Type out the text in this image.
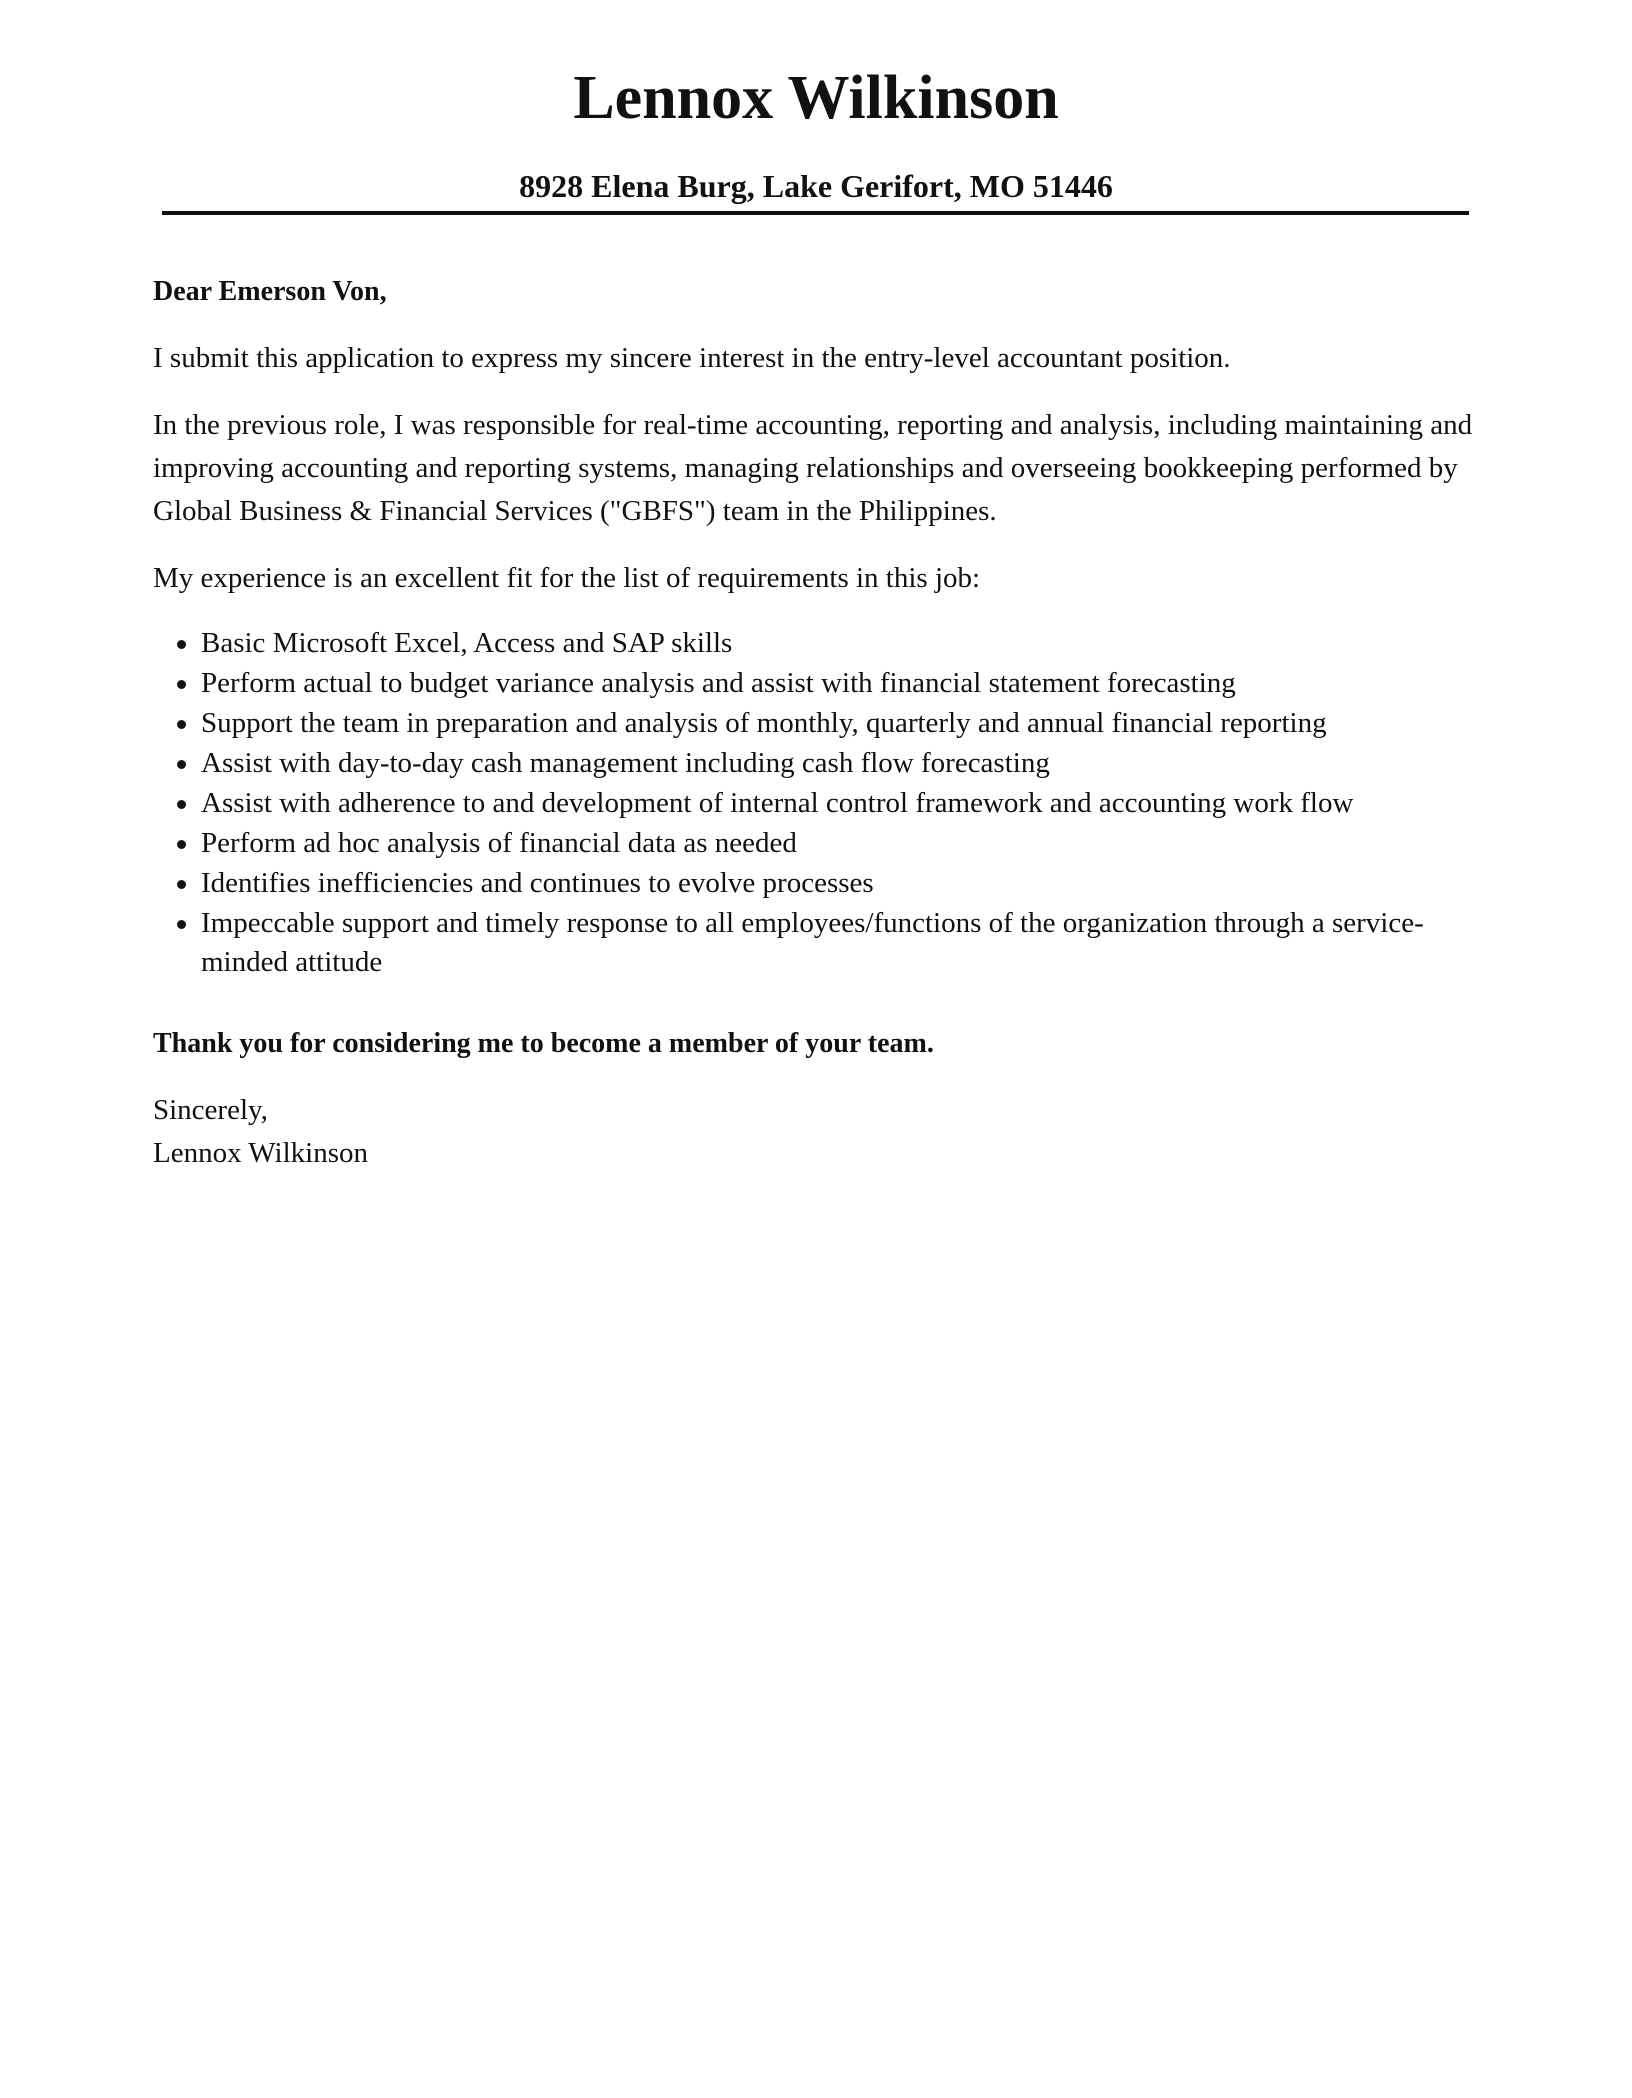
Lennox Wilkinson
8928 Elena Burg, Lake Gerifort, MO 51446

Dear Emerson Von,

I submit this application to express my sincere interest in the entry-level accountant position.

In the previous role, I was responsible for real-time accounting, reporting and analysis, including maintaining and improving accounting and reporting systems, managing relationships and overseeing bookkeeping performed by Global Business & Financial Services ("GBFS") team in the Philippines.

My experience is an excellent fit for the list of requirements in this job:

Basic Microsoft Excel, Access and SAP skills
Perform actual to budget variance analysis and assist with financial statement forecasting
Support the team in preparation and analysis of monthly, quarterly and annual financial reporting
Assist with day-to-day cash management including cash flow forecasting
Assist with adherence to and development of internal control framework and accounting work flow
Perform ad hoc analysis of financial data as needed
Identifies inefficiencies and continues to evolve processes
Impeccable support and timely response to all employees/functions of the organization through a service-minded attitude

Thank you for considering me to become a member of your team.

Sincerely,

Lennox Wilkinson
